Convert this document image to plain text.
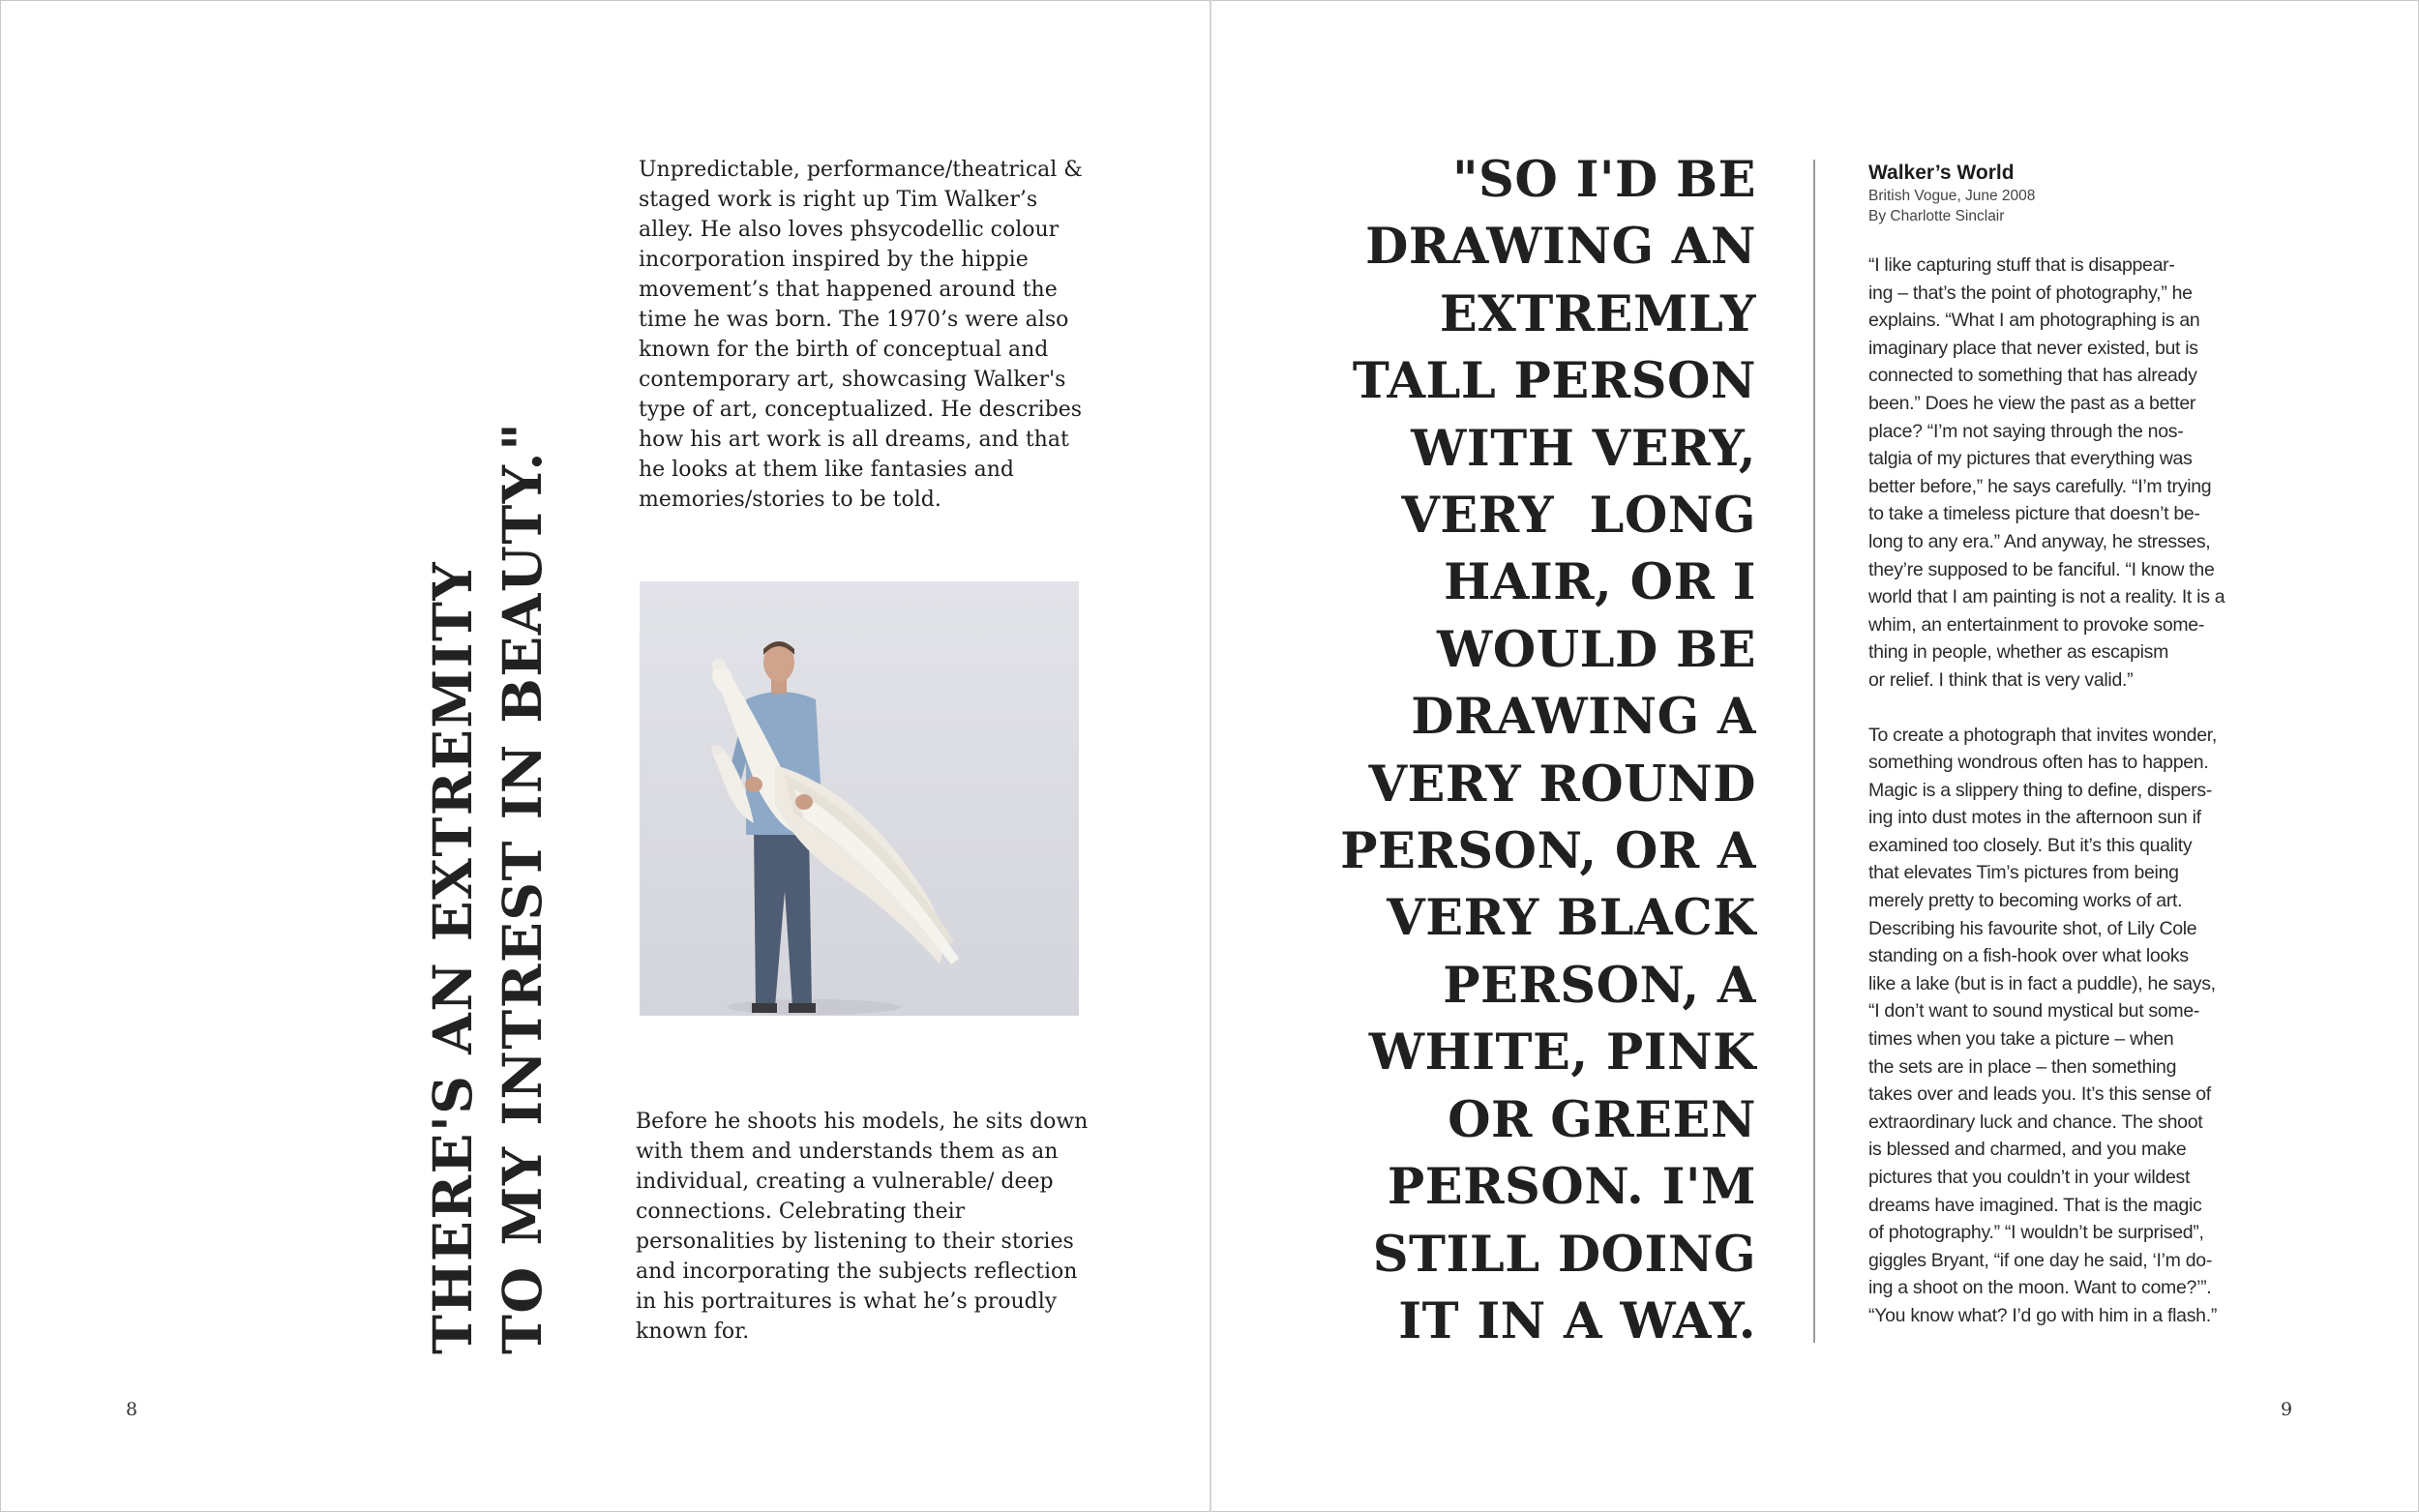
THERE'S AN EXTREMITY TO MY INTREST IN BEAUTY."

Unpredictable, performance/theatrical & staged work is right up Tim Walker’s alley. He also loves phsycodellic colour incorporation inspired by the hippie movement’s that happened around the time he was born. The 1970’s were also known for the birth of conceptual and contemporary art, showcasing Walker's type of art, conceptualized. He describes how his art work is all dreams, and that he looks at them like fantasies and memories/stories to be told.

Before he shoots his models, he sits down with them and understands them as an individual, creating a vulnerable/ deep connections. Celebrating their personalities by listening to their stories and incorporating the subjects reflection in his portraitures is what he’s proudly known for.

8

"SO I'D BE
DRAWING AN
EXTREMLY
TALL PERSON
WITH VERY,
VERY  LONG
HAIR, OR I
WOULD BE
DRAWING A
VERY ROUND
PERSON, OR A
VERY BLACK
PERSON, A
WHITE, PINK
OR GREEN
PERSON. I'M
STILL DOING
IT IN A WAY.

Walker’s World

British Vogue, June 2008

By Charlotte Sinclair

“I like capturing stuff that is disappear-
ing – that’s the point of photography,” he
explains. “What I am photographing is an
imaginary place that never existed, but is
connected to something that has already
been.” Does he view the past as a better
place? “I’m not saying through the nos-
talgia of my pictures that everything was
better before,” he says carefully. “I’m trying
to take a timeless picture that doesn’t be-
long to any era.” And anyway, he stresses,
they’re supposed to be fanciful. “I know the
world that I am painting is not a reality. It is a
whim, an entertainment to provoke some-
thing in people, whether as escapism
or relief. I think that is very valid.”

To create a photograph that invites wonder,
something wondrous often has to happen.
Magic is a slippery thing to define, dispers-
ing into dust motes in the afternoon sun if
examined too closely. But it’s this quality
that elevates Tim’s pictures from being
merely pretty to becoming works of art.
Describing his favourite shot, of Lily Cole
standing on a fish-hook over what looks
like a lake (but is in fact a puddle), he says,
“I don’t want to sound mystical but some-
times when you take a picture – when
the sets are in place – then something
takes over and leads you. It’s this sense of
extraordinary luck and chance. The shoot
is blessed and charmed, and you make
pictures that you couldn’t in your wildest
dreams have imagined. That is the magic
of photography.” “I wouldn’t be surprised”,
giggles Bryant, “if one day he said, ‘I’m do-
ing a shoot on the moon. Want to come?’”.
“You know what? I’d go with him in a flash.”

9
